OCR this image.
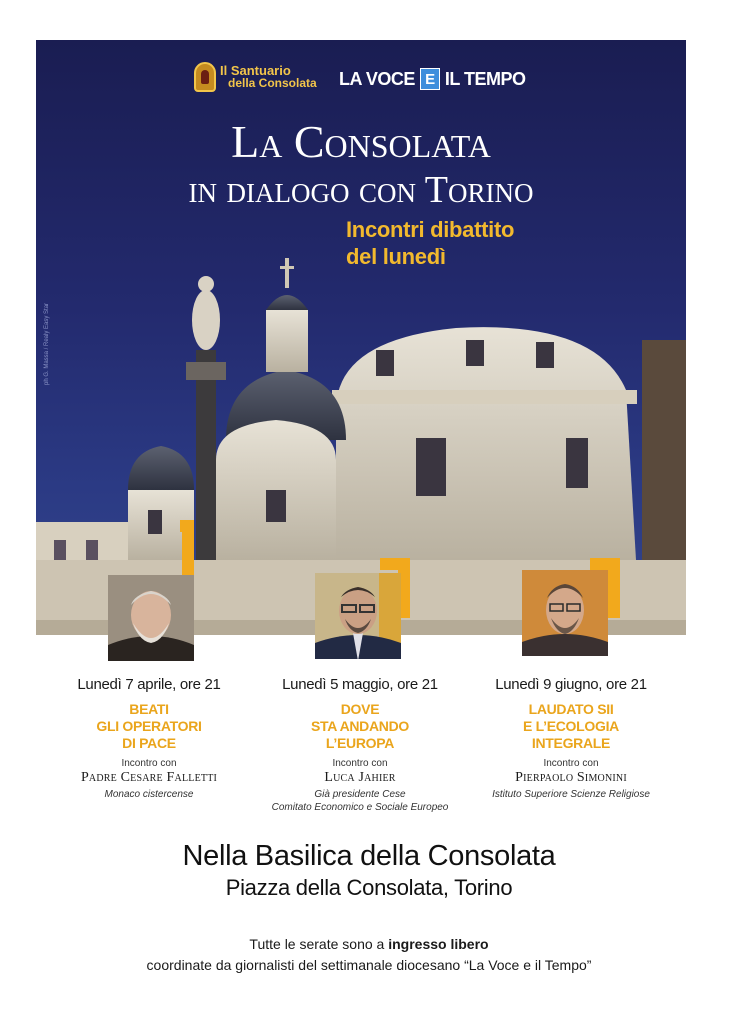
Il Santuario
della Consolata LA VOCE E IL TEMPO
La Consolata
in dialogo con Torino
Incontri dibattito
del lunedì
ph G. Massa / Realy Easy Star
Lunedì 7 aprile, ore 21
BEATI
GLI OPERATORI
DI PACE
Incontro con
Padre Cesare Falletti
Monaco cistercense
Lunedì 5 maggio, ore 21
DOVE
STA ANDANDO
L’EUROPA
Incontro con
Luca Jahier
Già presidente Cese
Comitato Economico e Sociale Europeo
Lunedì 9 giugno, ore 21
LAUDATO SII
E L’ECOLOGIA
INTEGRALE
Incontro con
Pierpaolo Simonini
Istituto Superiore Scienze Religiose
Nella Basilica della Consolata
Piazza della Consolata, Torino
Tutte le serate sono a ingresso libero
coordinate da giornalisti del settimanale diocesano “La Voce e il Tempo”
